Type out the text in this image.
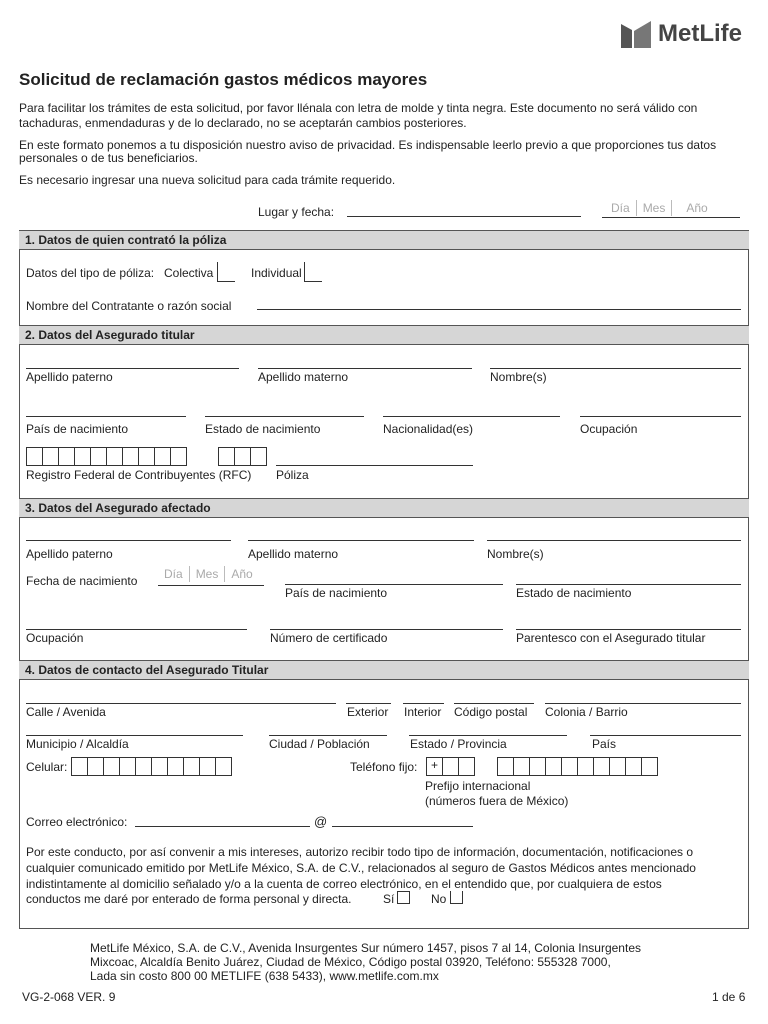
MetLife
Solicitud de reclamación gastos médicos mayores
Para facilitar los trámites de esta solicitud, por favor llénala con letra de molde y tinta negra. Este documento no será válido con
tachaduras, enmendaduras y de lo declarado, no se aceptarán cambios posteriores.
En este formato ponemos a tu disposición nuestro aviso de privacidad. Es indispensable leerlo previo a que proporciones tus datos
personales o de tus beneficiarios.
Es necesario ingresar una nueva solicitud para cada trámite requerido.
Lugar y fecha:	Día	Mes	Año
1. Datos de quien contrató la póliza
Datos del tipo de póliza: Colectiva	Individual
Nombre del Contratante o razón social
2. Datos del Asegurado titular
Apellido paterno	Apellido materno	Nombre(s)
País de nacimiento	Estado de nacimiento	Nacionalidad(es)	Ocupación
Registro Federal de Contribuyentes (RFC) Póliza
3. Datos del Asegurado afectado
Apellido paterno	Apellido materno	Nombre(s)
Fecha de nacimiento	Día	Mes	Año
País de nacimiento	Estado de nacimiento
Ocupación	Número de certificado	Parentesco con el Asegurado titular
4. Datos de contacto del Asegurado Titular
Calle / Avenida	Exterior Interior Código postal Colonia / Barrio
Municipio / Alcaldía	Ciudad / Población	Estado / Provincia	País
Celular:	Teléfono fijo:	+
Prefijo internacional
(números fuera de México)
Correo electrónico:	@
Por este conducto, por así convenir a mis intereses, autorizo recibir todo tipo de información, documentación, notificaciones o
cualquier comunicado emitido por MetLife México, S.A. de C.V., relacionados al seguro de Gastos Médicos antes mencionado
indistintamente al domicilio señalado y/o a la cuenta de correo electrónico, en el entendido que, por cualquiera de estos
conductos me daré por enterado de forma personal y directa.	Sí	No
MetLife México, S.A. de C.V., Avenida Insurgentes Sur número 1457, pisos 7 al 14, Colonia Insurgentes
Mixcoac, Alcaldía Benito Juárez, Ciudad de México, Código postal 03920, Teléfono: 555328 7000,
Lada sin costo 800 00 METLIFE (638 5433), www.metlife.com.mx
VG-2-068 VER. 9	1 de 6
